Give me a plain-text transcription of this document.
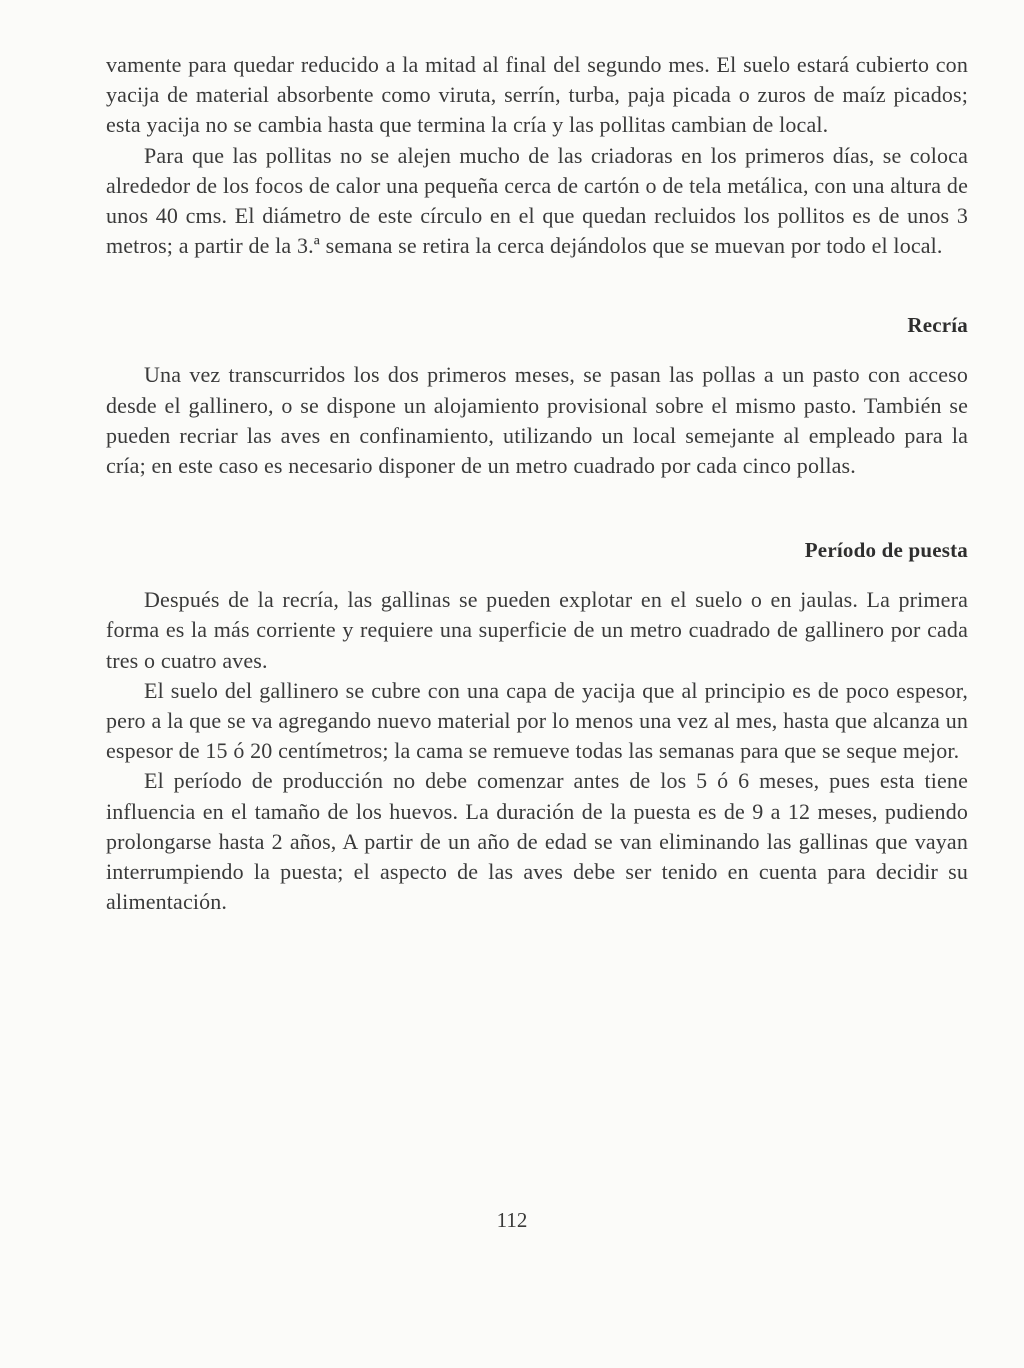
vamente para quedar reducido a la mitad al final del segundo mes. El suelo estará cubierto con yacija de material absorbente como viruta, serrín, turba, paja picada o zuros de maíz picados; esta yacija no se cambia hasta que termina la cría y las pollitas cambian de local.

Para que las pollitas no se alejen mucho de las criadoras en los primeros días, se coloca alrededor de los focos de calor una pequeña cerca de cartón o de tela metálica, con una altura de unos 40 cms. El diámetro de este círculo en el que quedan recluidos los pollitos es de unos 3 metros; a partir de la 3.ª semana se retira la cerca dejándolos que se muevan por todo el local.

Recría

Una vez transcurridos los dos primeros meses, se pasan las pollas a un pasto con acceso desde el gallinero, o se dispone un alojamiento provisional sobre el mismo pasto. También se pueden recriar las aves en confinamiento, utilizando un local semejante al empleado para la cría; en este caso es necesario disponer de un metro cuadrado por cada cinco pollas.

Período de puesta

Después de la recría, las gallinas se pueden explotar en el suelo o en jaulas. La primera forma es la más corriente y requiere una superficie de un metro cuadrado de gallinero por cada tres o cuatro aves.

El suelo del gallinero se cubre con una capa de yacija que al principio es de poco espesor, pero a la que se va agregando nuevo material por lo menos una vez al mes, hasta que alcanza un espesor de 15 ó 20 centímetros; la cama se remueve todas las semanas para que se seque mejor.

El período de producción no debe comenzar antes de los 5 ó 6 meses, pues esta tiene influencia en el tamaño de los huevos. La duración de la puesta es de 9 a 12 meses, pudiendo prolongarse hasta 2 años, A partir de un año de edad se van eliminando las gallinas que vayan interrumpiendo la puesta; el aspecto de las aves debe ser tenido en cuenta para decidir su alimentación.

112
